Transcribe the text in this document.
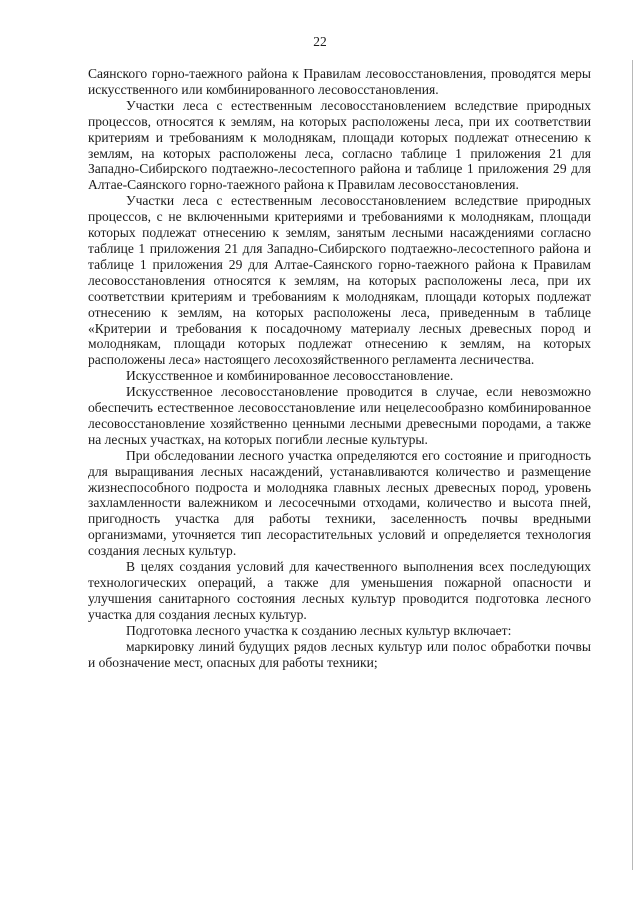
22

Саянского горно-таежного района к Правилам лесовосстановления, проводятся меры искусственного или комбинированного лесовосстановления.

Участки леса с естественным лесовосстановлением вследствие природных процессов, относятся к землям, на которых расположены леса, при их соответствии критериям и требованиям к молоднякам, площади которых подлежат отнесению к землям, на которых расположены леса, согласно таблице 1 приложения 21 для Западно-Сибирского подтаежно-лесостепного района и таблице 1 приложения 29 для Алтае-Саянского горно-таежного района к Правилам лесовосстановления.

Участки леса с естественным лесовосстановлением вследствие природных процессов, с не включенными критериями и требованиями к молоднякам, площади которых подлежат отнесению к землям, занятым лесными насаждениями согласно таблице 1 приложения 21 для Западно-Сибирского подтаежно-лесостепного района и таблице 1 приложения 29 для Алтае-Саянского горно-таежного района к Правилам лесовосстановления относятся к землям, на которых расположены леса, при их соответствии критериям и требованиям к молоднякам, площади которых подлежат отнесению к землям, на которых расположены леса, приведенным в таблице «Критерии и требования к посадочному материалу лесных древесных пород и молоднякам, площади которых подлежат отнесению к землям, на которых расположены леса» настоящего лесохозяйственного регламента лесничества.

Искусственное и комбинированное лесовосстановление.

Искусственное лесовосстановление проводится в случае, если невозможно обеспечить естественное лесовосстановление или нецелесообразно комбинированное лесовосстановление хозяйственно ценными лесными древесными породами, а также на лесных участках, на которых погибли лесные культуры.

При обследовании лесного участка определяются его состояние и пригодность для выращивания лесных насаждений, устанавливаются количество и размещение жизнеспособного подроста и молодняка главных лесных древесных пород, уровень захламленности валежником и лесосечными отходами, количество и высота пней, пригодность участка для работы техники, заселенность почвы вредными организмами, уточняется тип лесорастительных условий и определяется технология создания лесных культур.

В целях создания условий для качественного выполнения всех последующих технологических операций, а также для уменьшения пожарной опасности и улучшения санитарного состояния лесных культур проводится подготовка лесного участка для создания лесных культур.

Подготовка лесного участка к созданию лесных культур включает:

маркировку линий будущих рядов лесных культур или полос обработки почвы и обозначение мест, опасных для работы техники;
